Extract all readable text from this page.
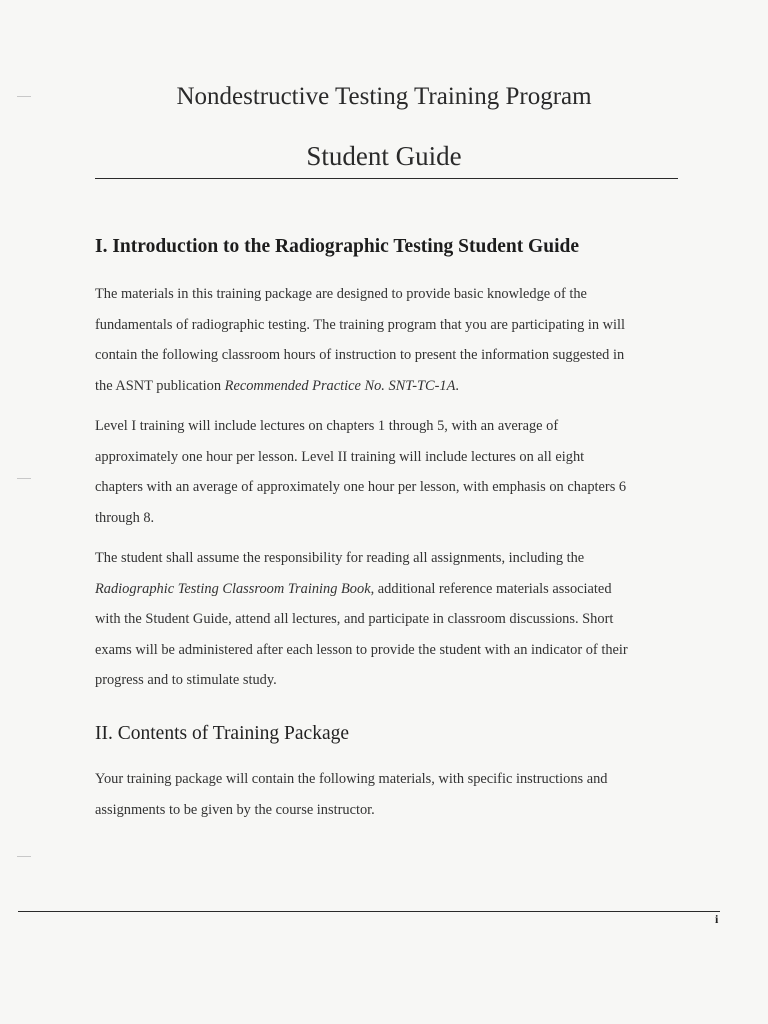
Nondestructive Testing Training Program
Student Guide
I. Introduction to the Radiographic Testing Student Guide
The materials in this training package are designed to provide basic knowledge of the
fundamentals of radiographic testing. The training program that you are participating in will
contain the following classroom hours of instruction to present the information suggested in
the ASNT publication Recommended Practice No. SNT-TC-1A.
Level I training will include lectures on chapters 1 through 5, with an average of
approximately one hour per lesson. Level II training will include lectures on all eight
chapters with an average of approximately one hour per lesson, with emphasis on chapters 6
through 8.
The student shall assume the responsibility for reading all assignments, including the
Radiographic Testing Classroom Training Book, additional reference materials associated
with the Student Guide, attend all lectures, and participate in classroom discussions. Short
exams will be administered after each lesson to provide the student with an indicator of their
progress and to stimulate study.
II. Contents of Training Package
Your training package will contain the following materials, with specific instructions and
assignments to be given by the course instructor.
i
